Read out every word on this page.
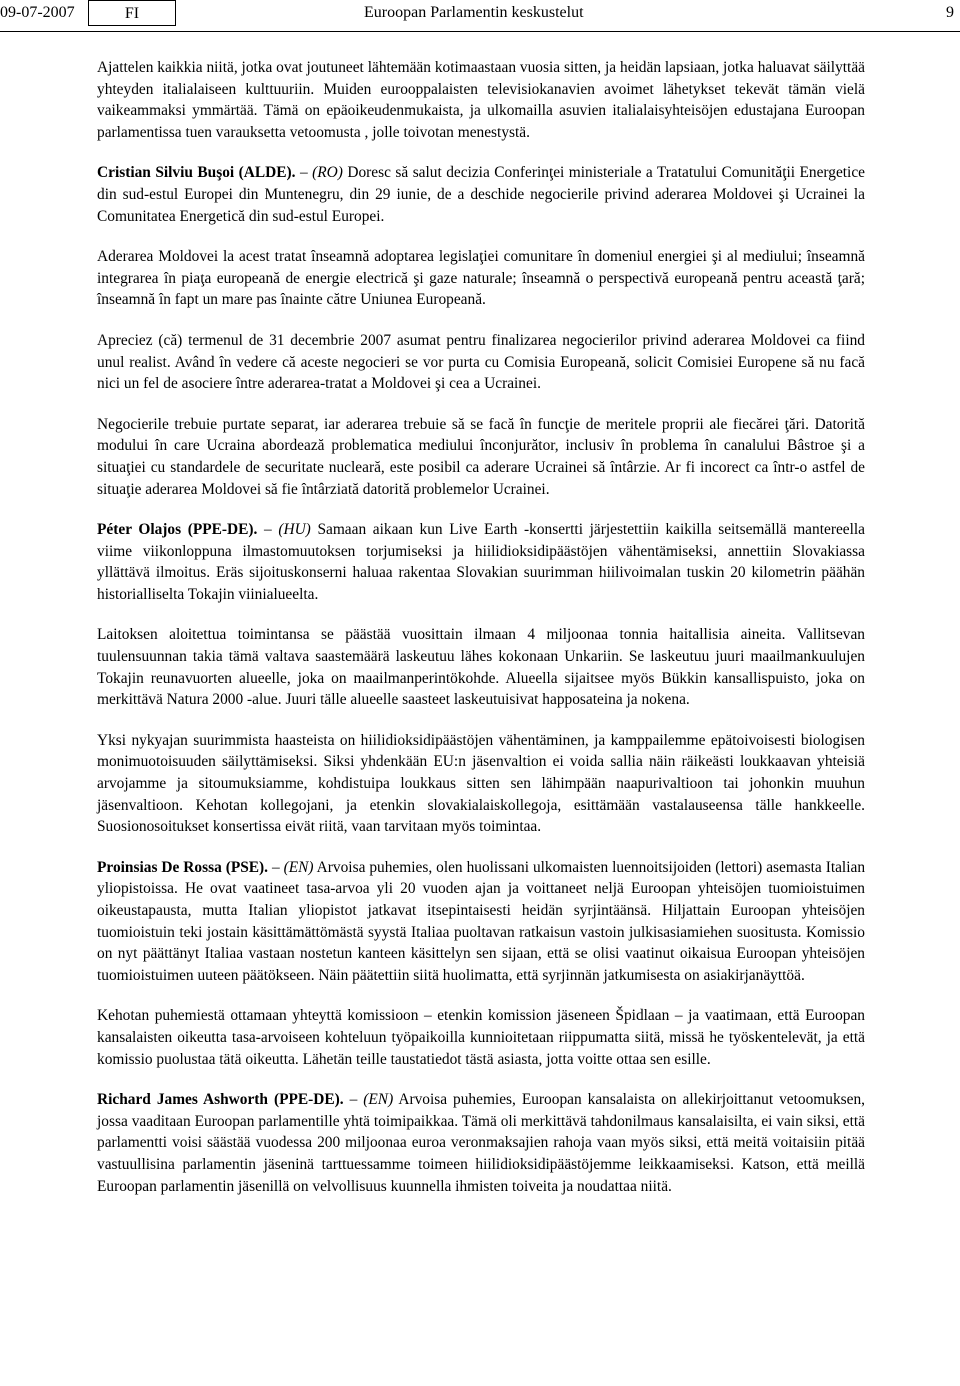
09-07-2007	FI	Euroopan Parlamentin keskustelut	9

Ajattelen kaikkia niitä, jotka ovat joutuneet lähtemään kotimaastaan vuosia sitten, ja heidän lapsiaan, jotka haluavat säilyttää yhteyden italialaiseen kulttuuriin. Muiden eurooppalaisten televisiokanavien avoimet lähetykset tekevät tämän vielä vaikeammaksi ymmärtää. Tämä on epäoikeudenmukaista, ja ulkomailla asuvien italialaisyhteisöjen edustajana Euroopan parlamentissa tuen varauksetta vetoomusta , jolle toivotan menestystä.

Cristian Silviu Buşoi (ALDE). – (RO) Doresc să salut decizia Conferinţei ministeriale a Tratatului Comunităţii Energetice din sud-estul Europei din Muntenegru, din 29 iunie, de a deschide negocierile privind aderarea Moldovei şi Ucrainei la Comunitatea Energetică din sud-estul Europei.

Aderarea Moldovei la acest tratat înseamnă adoptarea legislaţiei comunitare în domeniul energiei şi al mediului; înseamnă integrarea în piaţa europeană de energie electrică şi gaze naturale; înseamnă o perspectivă europeană pentru această ţară; înseamnă în fapt un mare pas înainte către Uniunea Europeană.

Apreciez (că) termenul de 31 decembrie 2007 asumat pentru finalizarea negocierilor privind aderarea Moldovei ca fiind unul realist. Având în vedere că aceste negocieri se vor purta cu Comisia Europeană, solicit Comisiei Europene să nu facă nici un fel de asociere între aderarea-tratat a Moldovei şi cea a Ucrainei.

Negocierile trebuie purtate separat, iar aderarea trebuie să se facă în funcţie de meritele proprii ale fiecărei ţări. Datorită modului în care Ucraina abordează problematica mediului înconjurător, inclusiv în problema în canalului Bâstroe şi a situaţiei cu standardele de securitate nucleară, este posibil ca aderare Ucrainei să întârzie. Ar fi incorect ca într-o astfel de situaţie aderarea Moldovei să fie întârziată datorită problemelor Ucrainei.

Péter Olajos (PPE-DE). – (HU) Samaan aikaan kun Live Earth -konsertti järjestettiin kaikilla seitsemällä mantereella viime viikonloppuna ilmastomuutoksen torjumiseksi ja hiilidioksidipäästöjen vähentämiseksi, annettiin Slovakiassa yllättävä ilmoitus. Eräs sijoituskonserni haluaa rakentaa Slovakian suurimman hiilivoimalan tuskin 20 kilometrin päähän historialliselta Tokajin viinialueelta.

Laitoksen aloitettua toimintansa se päästää vuosittain ilmaan 4 miljoonaa tonnia haitallisia aineita. Vallitsevan tuulensuunnan takia tämä valtava saastemäärä laskeutuu lähes kokonaan Unkariin. Se laskeutuu juuri maailmankuulujen Tokajin reunavuorten alueelle, joka on maailmanperintökohde. Alueella sijaitsee myös Bükkin kansallispuisto, joka on merkittävä Natura 2000 -alue. Juuri tälle alueelle saasteet laskeutuisivat happosateina ja nokena.

Yksi nykyajan suurimmista haasteista on hiilidioksidipäästöjen vähentäminen, ja kamppailemme epätoivoisesti biologisen monimuotoisuuden säilyttämiseksi. Siksi yhdenkään EU:n jäsenvaltion ei voida sallia näin räikeästi loukkaavan yhteisiä arvojamme ja sitoumuksiamme, kohdistuipa loukkaus sitten sen lähimpään naapurivaltioon tai johonkin muuhun jäsenvaltioon. Kehotan kollegojani, ja etenkin slovakialaiskollegoja, esittämään vastalauseensa tälle hankkeelle. Suosionosoitukset konsertissa eivät riitä, vaan tarvitaan myös toimintaa.

Proinsias De Rossa (PSE). – (EN) Arvoisa puhemies, olen huolissani ulkomaisten luennoitsijoiden (lettori) asemasta Italian yliopistoissa. He ovat vaatineet tasa-arvoa yli 20 vuoden ajan ja voittaneet neljä Euroopan yhteisöjen tuomioistuimen oikeustapausta, mutta Italian yliopistot jatkavat itsepintaisesti heidän syrjintäänsä. Hiljattain Euroopan yhteisöjen tuomioistuin teki jostain käsittämättömästä syystä Italiaa puoltavan ratkaisun vastoin julkisasiamiehen suositusta. Komissio on nyt päättänyt Italiaa vastaan nostetun kanteen käsittelyn sen sijaan, että se olisi vaatinut oikaisua Euroopan yhteisöjen tuomioistuimen uuteen päätökseen. Näin päätettiin siitä huolimatta, että syrjinnän jatkumisesta on asiakirjanäyttöä.

Kehotan puhemiestä ottamaan yhteyttä komissioon – etenkin komission jäseneen Špidlaan – ja vaatimaan, että Euroopan kansalaisten oikeutta tasa-arvoiseen kohteluun työpaikoilla kunnioitetaan riippumatta siitä, missä he työskentelevät, ja että komissio puolustaa tätä oikeutta. Lähetän teille taustatiedot tästä asiasta, jotta voitte ottaa sen esille.

Richard James Ashworth (PPE-DE). – (EN) Arvoisa puhemies, Euroopan kansalaista on allekirjoittanut vetoomuksen, jossa vaaditaan Euroopan parlamentille yhtä toimipaikkaa. Tämä oli merkittävä tahdonilmaus kansalaisilta, ei vain siksi, että parlamentti voisi säästää vuodessa 200 miljoonaa euroa veronmaksajien rahoja vaan myös siksi, että meitä voitaisiin pitää vastuullisina parlamentin jäseninä tarttuessamme toimeen hiilidioksidipäästöjemme leikkaamiseksi. Katson, että meillä Euroopan parlamentin jäsenillä on velvollisuus kuunnella ihmisten toiveita ja noudattaa niitä.
